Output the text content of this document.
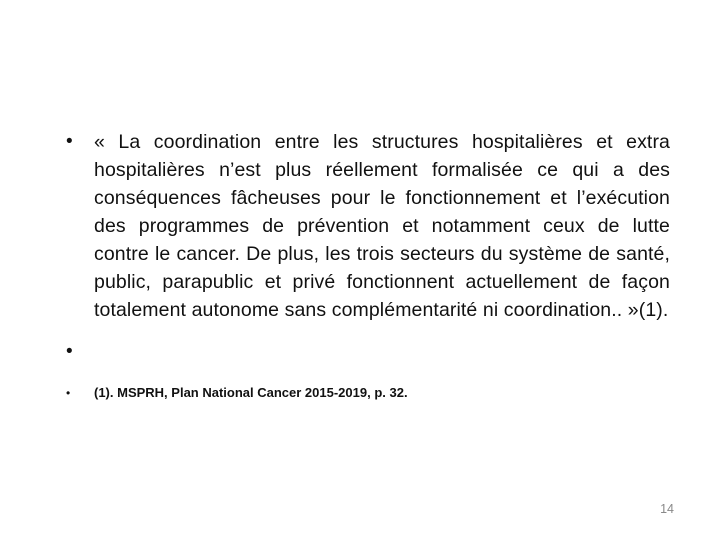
•	« La coordination entre les structures hospitalières et extra hospitalières n’est plus réellement formalisée ce qui a des conséquences fâcheuses pour le fonctionnement et l’exécution des programmes de prévention et notamment ceux de lutte contre le cancer. De plus, les trois secteurs du système de santé, public, parapublic et privé fonctionnent actuellement de façon totalement autonome sans complémentarité ni coordination.. »(1).
•
•	(1). MSPRH, Plan National Cancer 2015-2019, p. 32.
14
